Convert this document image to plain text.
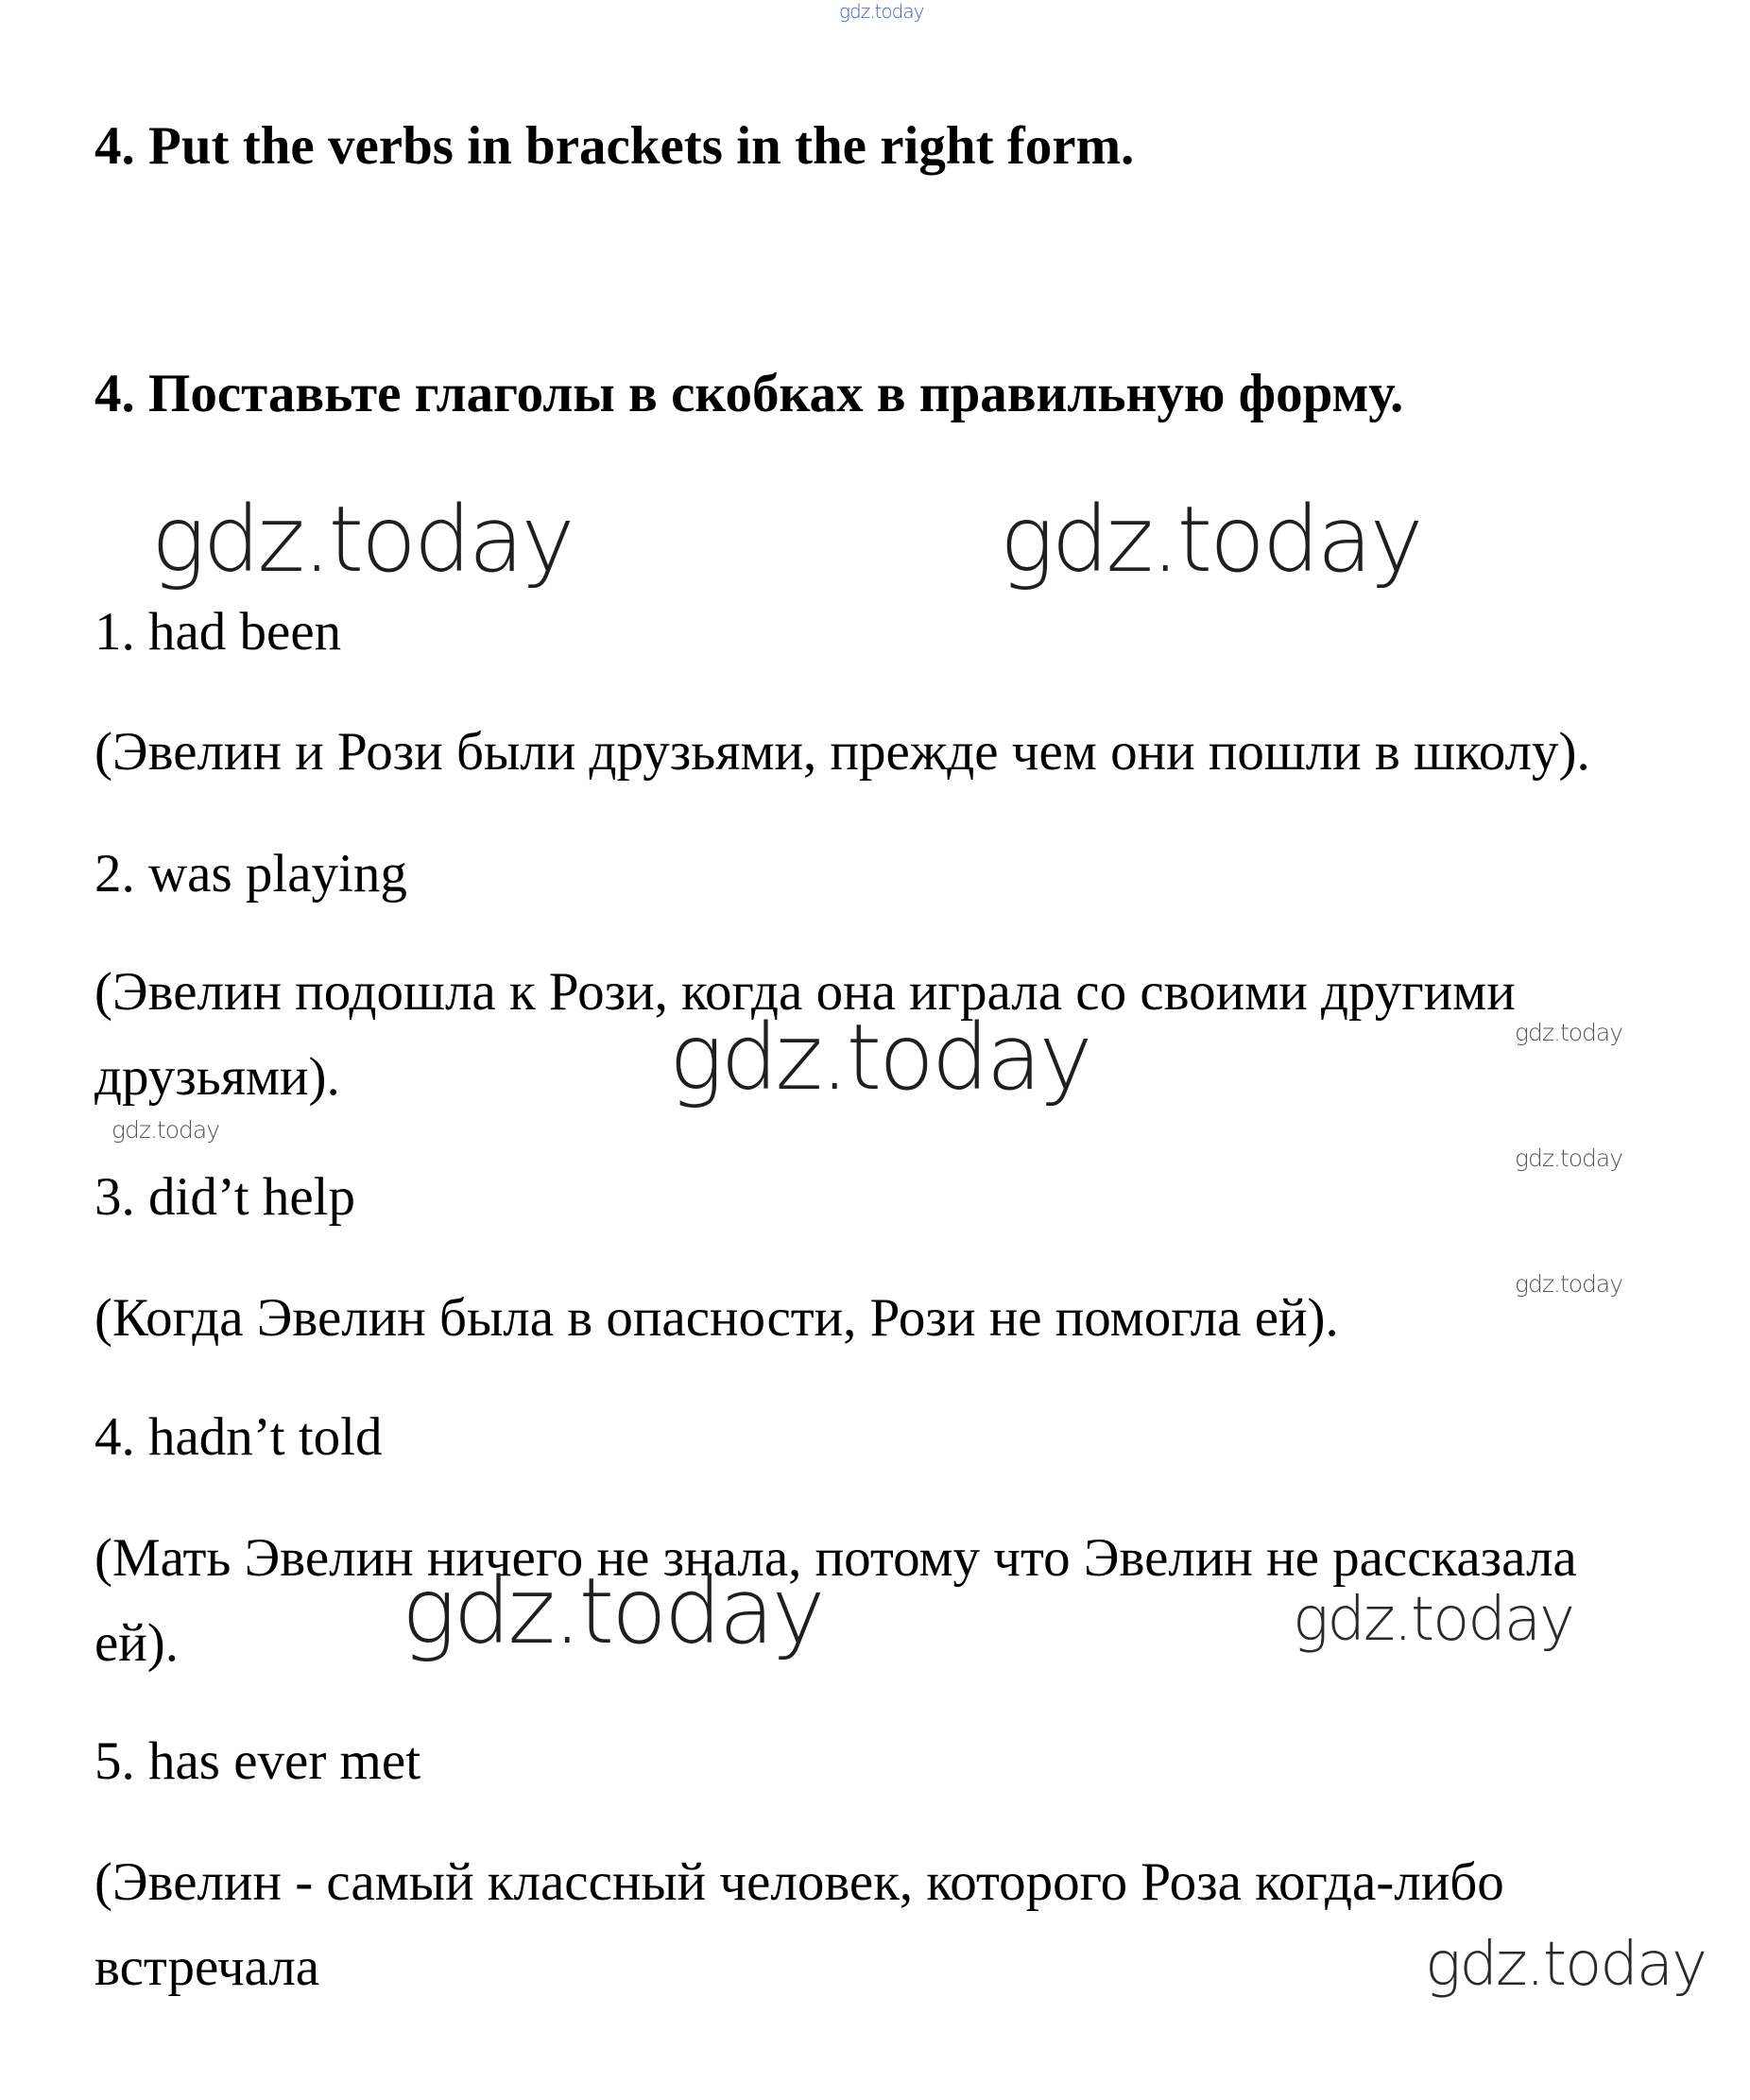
gdz.today
4. Put the verbs in brackets in the right form.
4. Поставьте глаголы в скобках в правильную форму.
gdz.today	gdz.today
1. had been
(Эвелин и Рози были друзьями, прежде чем они пошли в школу).
2. was playing
(Эвелин подошла к Рози, когда она играла со своими другими друзьями).
gdz.today
gdz.today
gdz.today
gdz.today
3. did’t help
gdz.today
(Когда Эвелин была в опасности, Рози не помогла ей).
4. hadn’t told
(Мать Эвелин ничего не знала, потому что Эвелин не рассказала ей).	gdz.today	gdz.today
5. has ever met
(Эвелин - самый классный человек, которого Роза когда-либо встречала	gdz.today
